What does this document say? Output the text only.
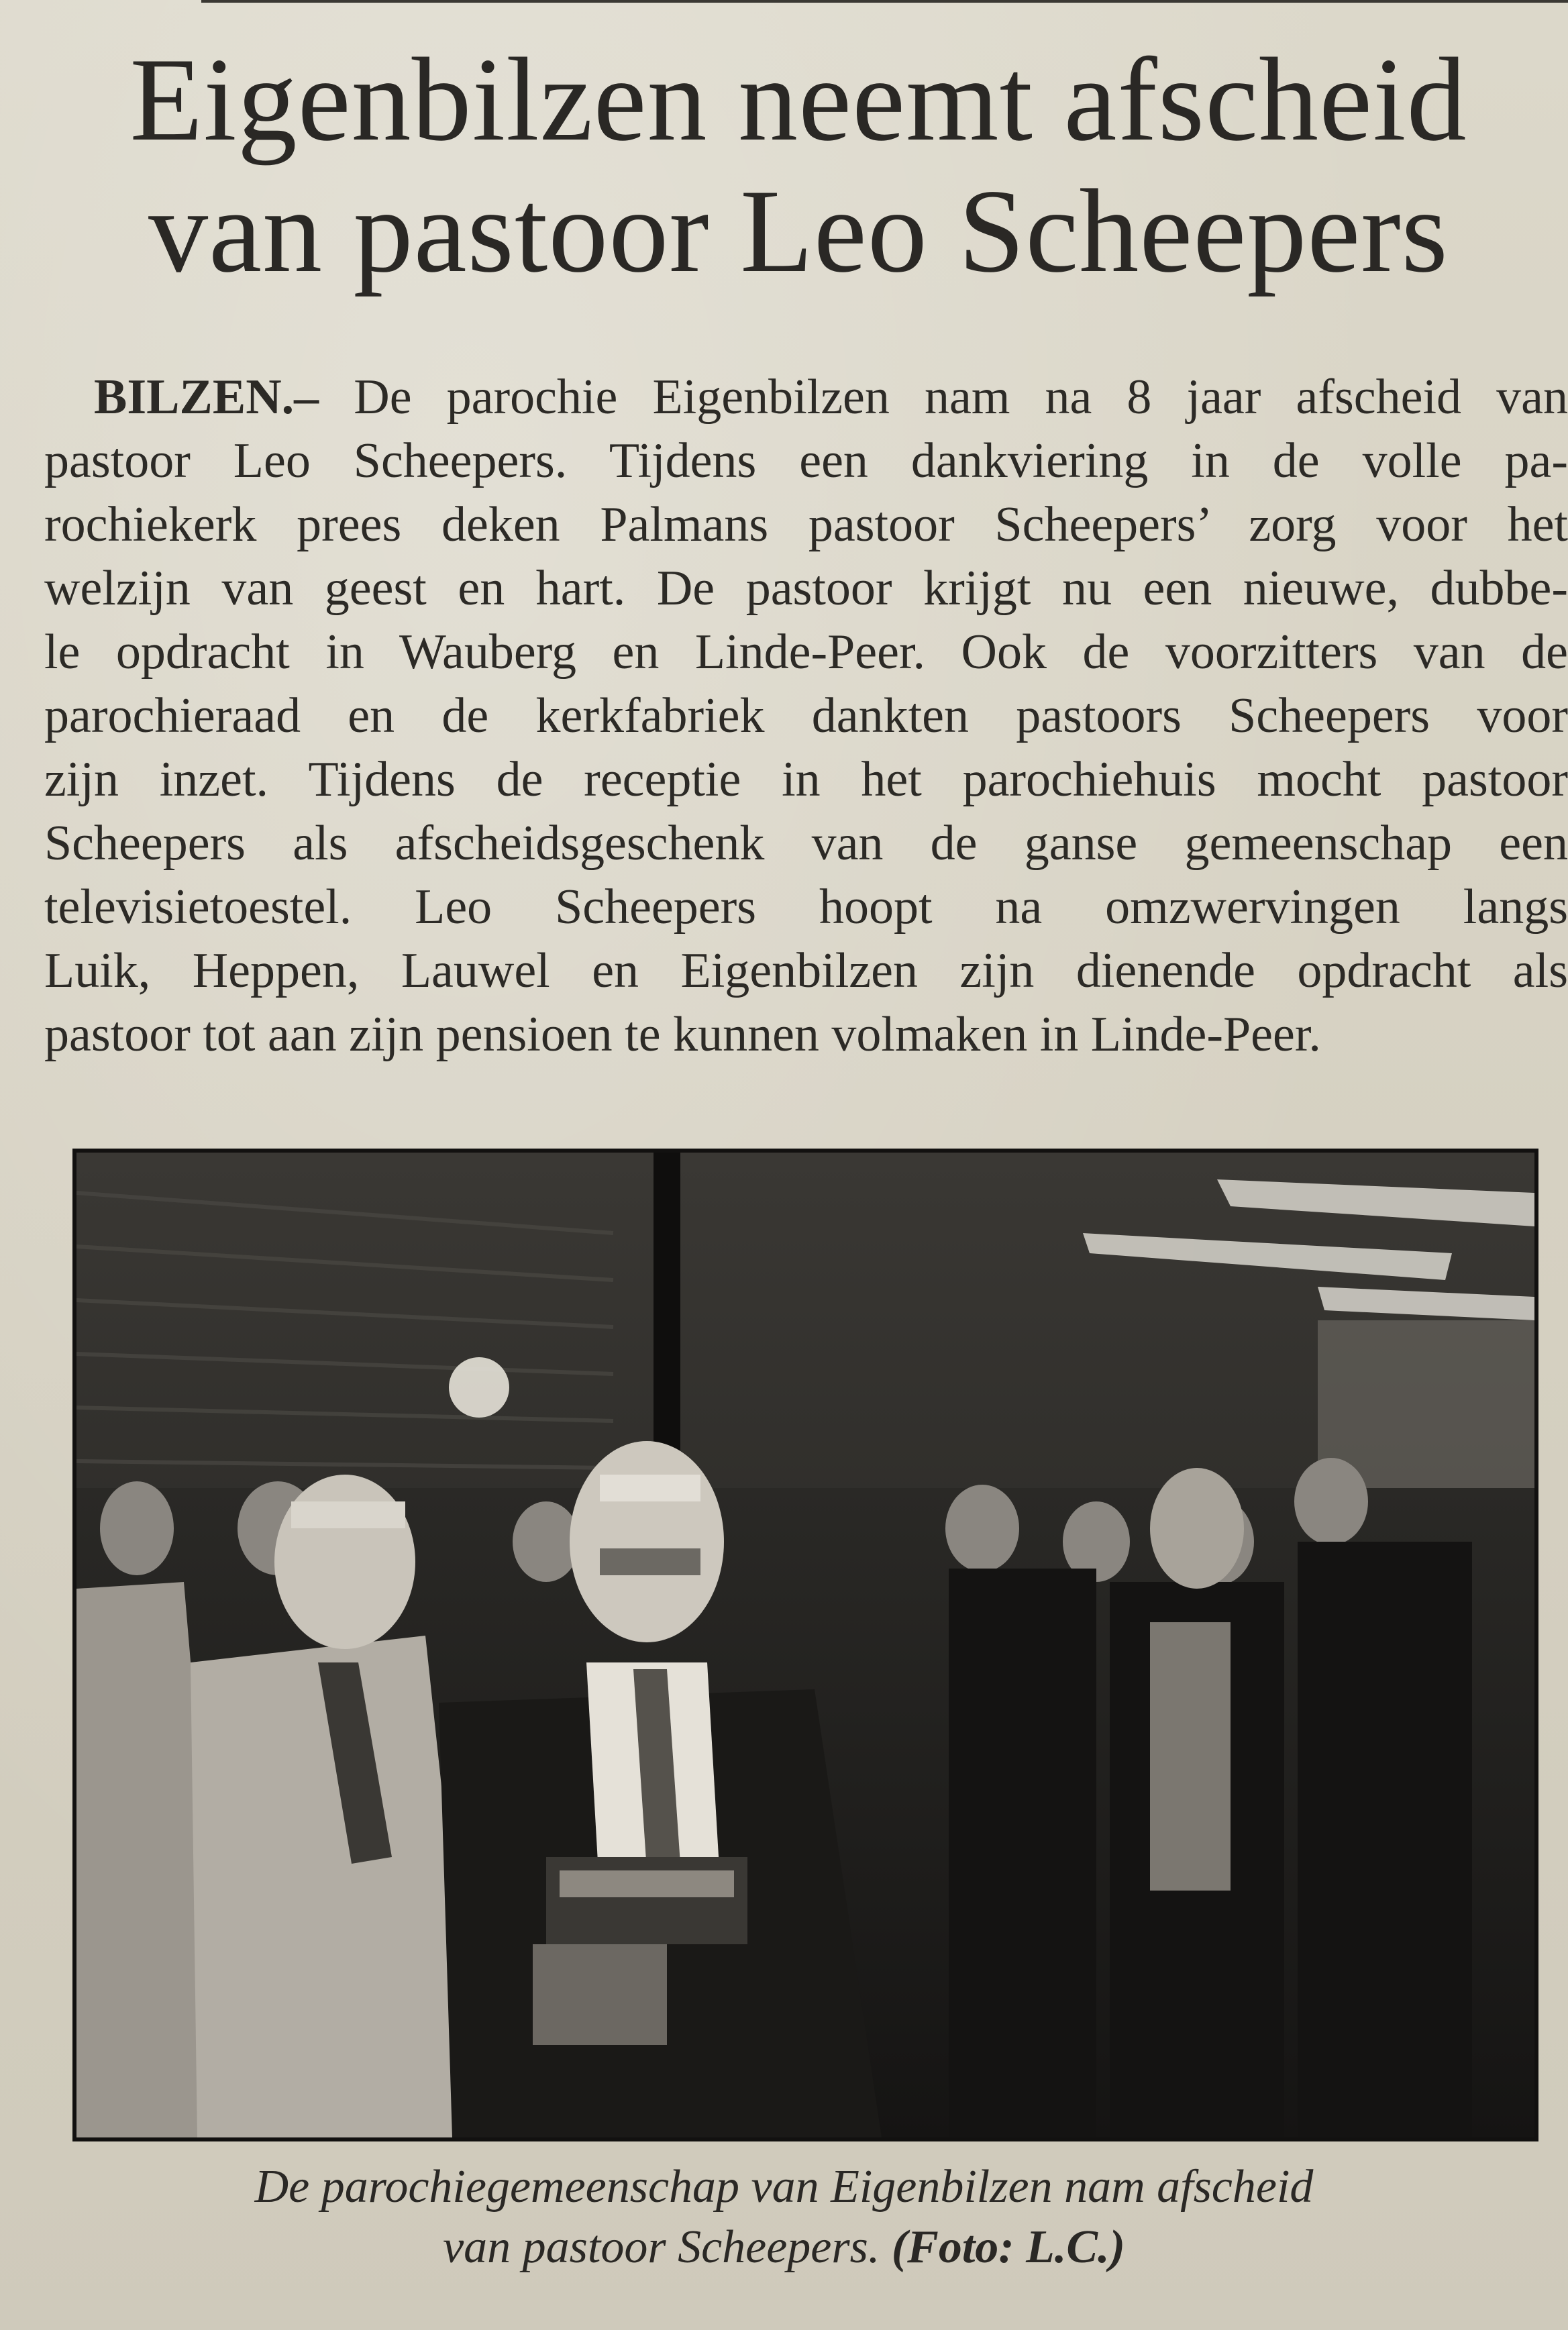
Eigenbilzen neemt afscheid
van pastoor Leo Scheepers
BILZEN.– De parochie Eigenbilzen nam na 8 jaar afscheid van
pastoor Leo Scheepers. Tijdens een dankviering in de volle pa-
rochiekerk prees deken Palmans pastoor Scheepers’ zorg voor het
welzijn van geest en hart. De pastoor krijgt nu een nieuwe, dubbe-
le opdracht in Wauberg en Linde-Peer. Ook de voorzitters van de
parochieraad en de kerkfabriek dankten pastoors Scheepers voor
zijn inzet. Tijdens de receptie in het parochiehuis mocht pastoor
Scheepers als afscheidsgeschenk van de ganse gemeenschap een
televisietoestel. Leo Scheepers hoopt na omzwervingen langs
Luik, Heppen, Lauwel en Eigenbilzen zijn dienende opdracht als
pastoor tot aan zijn pensioen te kunnen volmaken in Linde-Peer.

De parochiegemeenschap van Eigenbilzen nam afscheid
van pastoor Scheepers. (Foto: L.C.)
